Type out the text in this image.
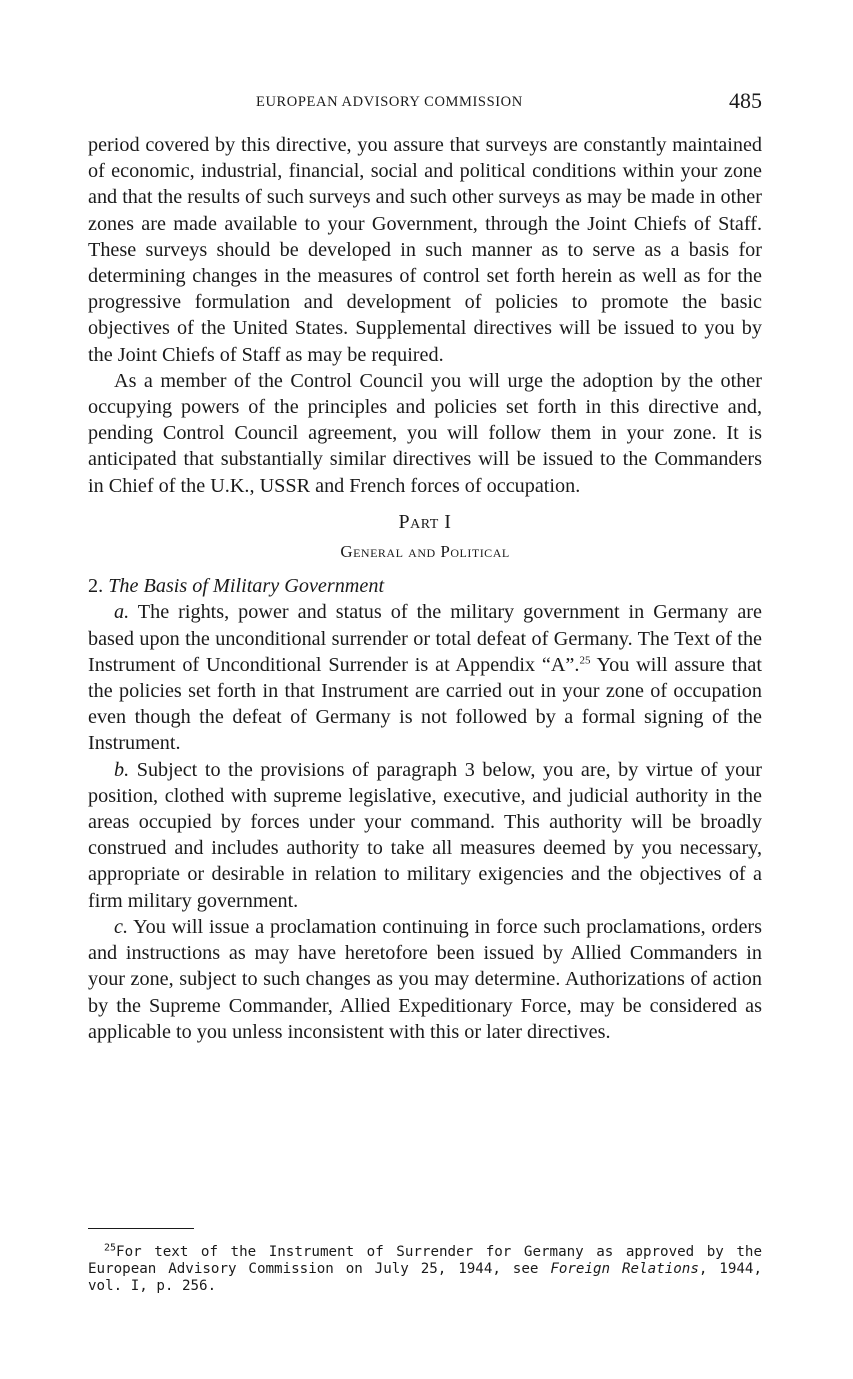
EUROPEAN ADVISORY COMMISSION	485

period covered by this directive, you assure that surveys are constantly maintained of economic, industrial, financial, social and political conditions within your zone and that the results of such surveys and such other surveys as may be made in other zones are made available to your Government, through the Joint Chiefs of Staff. These surveys should be developed in such manner as to serve as a basis for determining changes in the measures of control set forth herein as well as for the progressive formulation and development of policies to promote the basic objectives of the United States. Supplemental directives will be issued to you by the Joint Chiefs of Staff as may be required.

As a member of the Control Council you will urge the adoption by the other occupying powers of the principles and policies set forth in this directive and, pending Control Council agreement, you will follow them in your zone. It is anticipated that substantially similar directives will be issued to the Commanders in Chief of the U.K., USSR and French forces of occupation.

Part I
General and Political

2. The Basis of Military Government

a. The rights, power and status of the military government in Germany are based upon the unconditional surrender or total defeat of Germany. The Text of the Instrument of Unconditional Surrender is at Appendix “A”.$^{25}$ You will assure that the policies set forth in that Instrument are carried out in your zone of occupation even though the defeat of Germany is not followed by a formal signing of the Instrument.

b. Subject to the provisions of paragraph 3 below, you are, by virtue of your position, clothed with supreme legislative, executive, and judicial authority in the areas occupied by forces under your command. This authority will be broadly construed and includes authority to take all measures deemed by you necessary, appropriate or desirable in relation to military exigencies and the objectives of a firm military government.

c. You will issue a proclamation continuing in force such proclamations, orders and instructions as may have heretofore been issued by Allied Commanders in your zone, subject to such changes as you may determine. Authorizations of action by the Supreme Commander, Allied Expeditionary Force, may be considered as applicable to you unless inconsistent with this or later directives.

$^{25}$For text of the Instrument of Surrender for Germany as approved by the European Advisory Commission on July 25, 1944, see Foreign Relations, 1944, vol. I, p. 256.
